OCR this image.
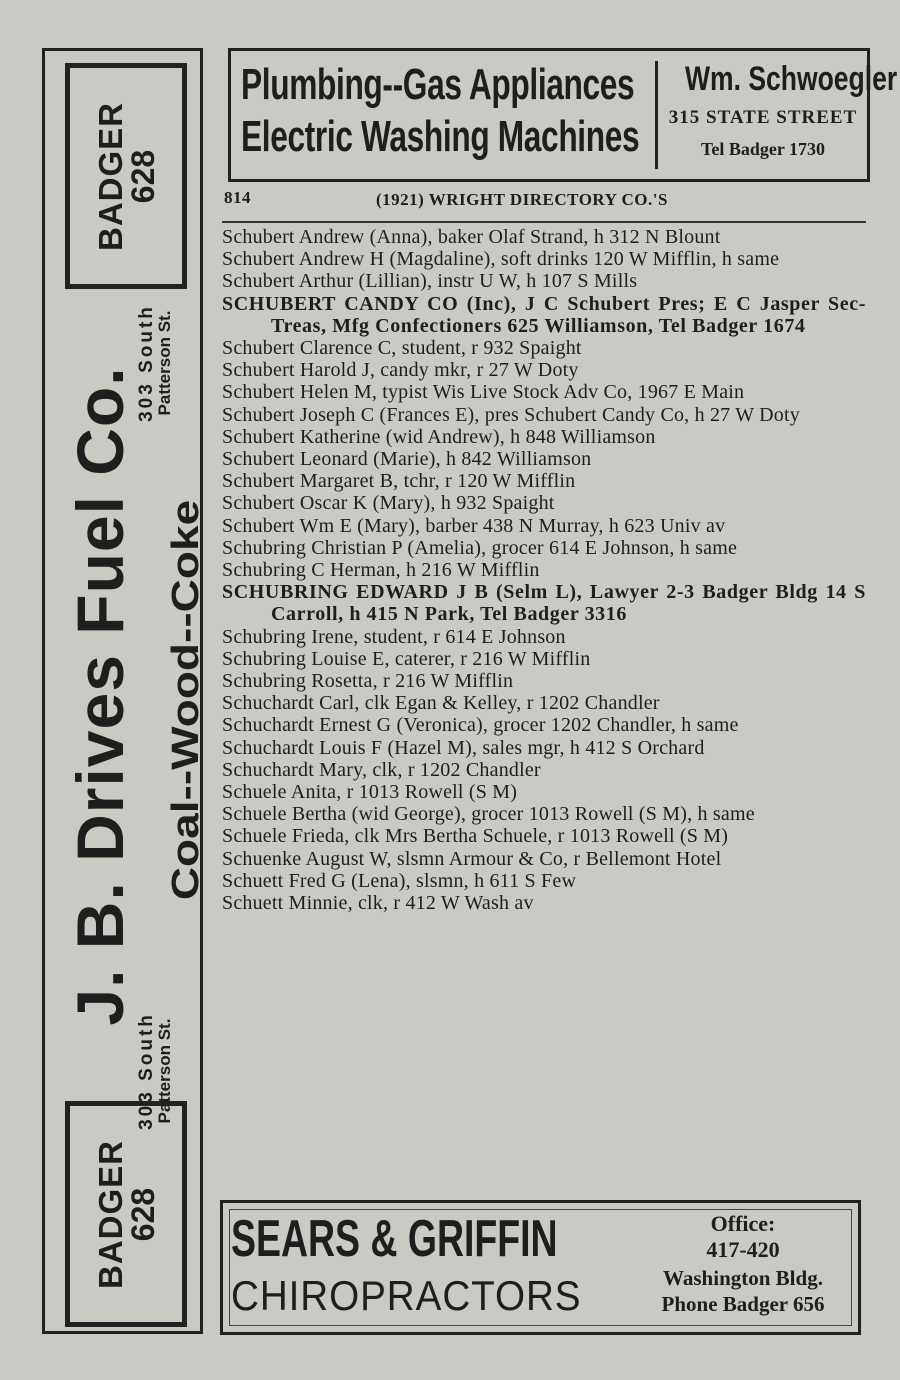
BADGER
628
303 South
Patterson St.
J. B. Drives Fuel Co. Coal--Wood--Coke
303 South
Patterson St.
BADGER
628
Plumbing--Gas Appliances
Electric Washing Machines
Wm. Schwoegler
315 STATE STREET
Tel Badger 1730
814	(1921) WRIGHT DIRECTORY CO.'S

Schubert Andrew (Anna), baker Olaf Strand, h 312 N Blount

Schubert Andrew H (Magdaline), soft drinks 120 W Mifflin, h same

Schubert Arthur (Lillian), instr U W, h 107 S Mills

SCHUBERT CANDY CO (Inc), J C Schubert Pres; E C Jasper Sec-Treas, Mfg Confectioners 625 Williamson, Tel Badger 1674

Schubert Clarence C, student, r 932 Spaight

Schubert Harold J, candy mkr, r 27 W Doty

Schubert Helen M, typist Wis Live Stock Adv Co, 1967 E Main

Schubert Joseph C (Frances E), pres Schubert Candy Co, h 27 W Doty

Schubert Katherine (wid Andrew), h 848 Williamson

Schubert Leonard (Marie), h 842 Williamson

Schubert Margaret B, tchr, r 120 W Mifflin

Schubert Oscar K (Mary), h 932 Spaight

Schubert Wm E (Mary), barber 438 N Murray, h 623 Univ av

Schubring Christian P (Amelia), grocer 614 E Johnson, h same

Schubring C Herman, h 216 W Mifflin

SCHUBRING EDWARD J B (Selm L), Lawyer 2-3 Badger Bldg 14 S Carroll, h 415 N Park, Tel Badger 3316

Schubring Irene, student, r 614 E Johnson

Schubring Louise E, caterer, r 216 W Mifflin

Schubring Rosetta, r 216 W Mifflin

Schuchardt Carl, clk Egan & Kelley, r 1202 Chandler

Schuchardt Ernest G (Veronica), grocer 1202 Chandler, h same

Schuchardt Louis F (Hazel M), sales mgr, h 412 S Orchard

Schuchardt Mary, clk, r 1202 Chandler

Schuele Anita, r 1013 Rowell (S M)

Schuele Bertha (wid George), grocer 1013 Rowell (S M), h same

Schuele Frieda, clk Mrs Bertha Schuele, r 1013 Rowell (S M)

Schuenke August W, slsmn Armour & Co, r Bellemont Hotel

Schuett Fred G (Lena), slsmn, h 611 S Few

Schuett Minnie, clk, r 412 W Wash av

SEARS & GRIFFIN
CHIROPRACTORS
Office:
417-420
Washington Bldg.
Phone Badger 656
